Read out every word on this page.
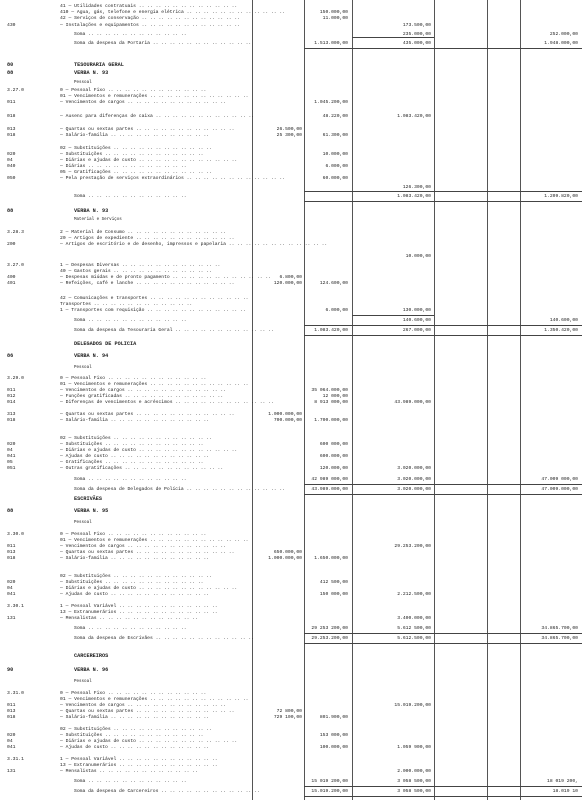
41 — Utilidades contratuais .. .. .. .. .. .. .. .. .. .. .. ..
410 — Agua, gás, telefone e energia elétrica .. .. .. .. .. .. .. .. .. .. .. ..	150.000,00
42 — Serviços de conservação .. .. .. .. .. .. .. .. .. .. .. ..	11.000,00
430	— Instalações e equipamentos .. .. .. .. .. .. .. .. .. .. .. ..	173.500,00
Soma .. .. .. .. .. .. .. .. .. .. .. ..	235.000,00	252.000,00
Soma da despesa da Portaria .. .. .. .. .. .. .. .. .. .. .. ..	1.513.000,00	435.000,00	1.948.000,00
80	TESOURARIA GERAL
88	VERBA N. 93
Pessoal
3.27.0	0 — Pessoal Fixo .. .. .. .. .. .. .. .. .. .. .. ..
01 — Vencimentos e remunerações .. .. .. .. .. .. .. .. .. .. .. ..
011	— Vencimentos de cargos .. .. .. .. .. .. .. .. .. .. .. ..	1.045.200,00
018	— Ausenc para diferenças de caixa .. .. .. .. .. .. .. .. .. .. .. ..	48.220,00	1.083.420,00
013	— Quartas ou sextas partes .. .. .. .. .. .. .. .. .. .. .. ..	26.500,00
018	— Salário-família .. .. .. .. .. .. .. .. .. .. .. ..	25 300,00	61.300,00
02 — Substituições .. .. .. .. .. .. .. .. .. .. .. ..
020	— Substituições .. .. .. .. .. .. .. .. .. .. .. ..	10.000,00
04	— Diárias e ajudas de custo .. .. .. .. .. .. .. .. .. .. .. ..
040	— Diárias .. .. .. .. .. .. .. .. .. .. .. ..	6.000,00
05 — Gratificações .. .. .. .. .. .. .. .. .. .. .. ..
050	— Pela prestação de serviços extraordinários .. .. .. .. .. .. .. .. .. .. .. ..	60.000,00
126.300,00
Soma .. .. .. .. .. .. .. .. .. .. .. ..	1.083.420,00	1.209.820,00
88	VERBA N. 93
Material e Serviços
3.28.3	2 — Material de Consumo .. .. .. .. .. .. .. .. .. .. .. ..
20 — Artigos de expediente .. .. .. .. .. .. .. .. .. .. .. ..
200	— Artigos de escritório e de desenho, impressos e papelaria .. .. .. .. .. .. .. .. .. .. .. ..
10.000,00
3.27.0	1 — Despesas Diversas .. .. .. .. .. .. .. .. .. .. .. ..
40 — Gastos gerais .. .. .. .. .. .. .. .. .. .. .. ..
400	— Despesas miúdas e de pronto pagamento .. .. .. .. .. .. .. .. .. .. .. ..	6.800,00
401	— Refeições, café e lanche .. .. .. .. .. .. .. .. .. .. .. ..	120.000,00	124.600,00
42 — Comunicações e transportes .. .. .. .. .. .. .. .. .. .. .. ..
Transportes .. .. .. .. .. .. .. .. .. .. .. ..
1 — Transportes com requisição .. .. .. .. .. .. .. .. .. .. .. ..	6.000,00	130.000,00
Soma .. .. .. .. .. .. .. .. .. .. .. ..	140.600,00	140.600,00
Soma da despesa da Tesouraria Geral .. .. .. .. .. .. .. .. .. .. .. ..	1.083.420,00	267.000,00	1.350.420,00
DELEGADOS DE POLICIA
86	VERBA N. 94
Pessoal
3.29.0	0 — Pessoal Fixo .. .. .. .. .. .. .. .. .. .. .. ..
01 — Vencimentos e remunerações .. .. .. .. .. .. .. .. .. .. .. ..
011	— Vencimentos de cargos .. .. .. .. .. .. .. .. .. .. .. ..	35 064.000,00
012	— Funções gratificadas .. .. .. .. .. .. .. .. .. .. .. ..	12 000,00
014	— Diferenças de vencimentos e acréscimos .. .. .. .. .. .. .. .. .. .. .. ..	8 913 000,00	43.989.000,00
313	— Quartas ou sextas partes .. .. .. .. .. .. .. .. .. .. .. ..	1.000.000,00
018	— Salário-família .. .. .. .. .. .. .. .. .. .. .. ..	700.000,00	1.700.000,00
02 — Substituições .. .. .. .. .. .. .. .. .. .. .. ..
020	— Substituições .. .. .. .. .. .. .. .. .. .. .. ..	600 000,00
04	— Diárias e ajudas de custo .. .. .. .. .. .. .. .. .. .. .. ..
041	— Ajudas de custo .. .. .. .. .. .. .. .. .. .. .. ..	600.000,00
05	— Gratificações .. .. .. .. .. .. .. .. .. .. .. ..
051	— Outras gratificações .. .. .. .. .. .. .. .. .. .. .. ..	120.000,00	3.020.000,00
Soma .. .. .. .. .. .. .. .. .. .. .. ..	42 989 000,00	3.020.000,00	47.009 000,00
Soma da despesa de Delegados de Polícia .. .. .. .. .. .. .. .. .. .. .. ..	43.989.000,00	3.020.000,00	47.009.000,00
ESCRIVÃES
88	VERBA N. 95
Pessoal
3.30.0	0 — Pessoal Fixo .. .. .. .. .. .. .. .. .. .. .. ..
01 — Vencimentos e remunerações .. .. .. .. .. .. .. .. .. .. .. ..
011	— Vencimentos de cargos .. .. .. .. .. .. .. .. .. .. .. ..	29.253.200,00
013	— Quartas ou sextas partes .. .. .. .. .. .. .. .. .. .. .. ..	650.000,00
018	— Salário-família .. .. .. .. .. .. .. .. .. .. .. ..	1.000.000,00	1.650.000,00
02 — Substituições .. .. .. .. .. .. .. .. .. .. .. ..
020	— Substituições .. .. .. .. .. .. .. .. .. .. .. ..	412 500,00
04	— Diárias e ajudas de custo .. .. .. .. .. .. .. .. .. .. .. ..
041	— Ajudas de custo .. .. .. .. .. .. .. .. .. .. .. ..	150 000,00	2.212.500,00
3.30.1	1 — Pessoal Variável .. .. .. .. .. .. .. .. .. .. .. ..
13 — Extranumerários .. .. .. .. .. .. .. .. .. .. .. ..
131	— Mensalistas .. .. .. .. .. .. .. .. .. .. .. ..	3.400.000,00
Soma .. .. .. .. .. .. .. .. .. .. .. ..	29 253 200,00	5.612 500,00	34.865.700,00
Soma da despesa de Escrivães .. .. .. .. .. .. .. .. .. .. .. ..	29.253.200,00	5.612.500,00	34.865.700,00
CARCEREIROS
90	VERBA N. 96
Pessoal
3.31.0	0 — Pessoal Fixo .. .. .. .. .. .. .. .. .. .. .. ..
01 — Vencimentos e remunerações .. .. .. .. .. .. .. .. .. .. .. ..
011	— Vencimentos de cargos .. .. .. .. .. .. .. .. .. .. .. ..	15.019.200,00
013	— Quartas ou sextas partes .. .. .. .. .. .. .. .. .. .. .. ..	72 800,00
018	— Salário-família .. .. .. .. .. .. .. .. .. .. .. ..	729 100,00	801.900,00
02 — Substituições .. .. .. .. .. .. .. .. .. .. .. ..
020	— Substituições .. .. .. .. .. .. .. .. .. .. .. ..	153 000,00
04	— Diárias e ajudas de custo .. .. .. .. .. .. .. .. .. .. .. ..
041	— Ajudas de custo .. .. .. .. .. .. .. .. .. .. .. ..	100.000,00	1.059 900,00
3.31.1	1 — Pessoal Variável .. .. .. .. .. .. .. .. .. .. .. ..
13 — Extranumerários .. .. .. .. .. .. .. .. .. .. .. ..
131	— Mensalistas .. .. .. .. .. .. .. .. .. .. .. ..	2.000.000,00
Soma .. .. .. .. .. .. .. .. .. .. .. ..	15 019 200,00	3 058 500,00	18 019 200,
Soma da despesa de Carcereiros .. .. .. .. .. .. .. .. .. .. .. ..	15.019.200,00	3 058 500,00	18.019 10
